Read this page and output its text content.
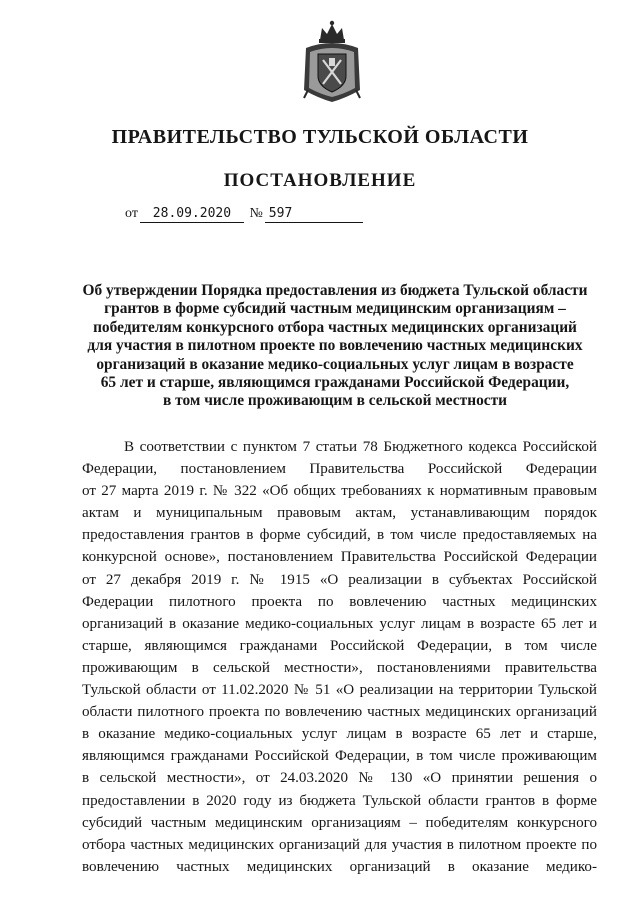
ПРАВИТЕЛЬСТВО ТУЛЬСКОЙ ОБЛАСТИ
ПОСТАНОВЛЕНИЕ
от 28.09.2020 № 597
Об утверждении Порядка предоставления из бюджета Тульской области
грантов в форме субсидий частным медицинским организациям –
победителям конкурсного отбора частных медицинских организаций
для участия в пилотном проекте по вовлечению частных медицинских
организаций в оказание медико-социальных услуг лицам в возрасте
65 лет и старше, являющимся гражданами Российской Федерации,
в том числе проживающим в сельской местности
В соответствии с пунктом 7 статьи 78 Бюджетного кодекса Российской
Федерации, постановлением Правительства Российской Федерации
от 27 марта 2019 г. № 322 «Об общих требованиях к нормативным правовым
актам и муниципальным правовым актам, устанавливающим порядок
предоставления грантов в форме субсидий, в том числе предоставляемых на
конкурсной основе», постановлением Правительства Российской Федерации
от 27 декабря 2019 г. № 1915 «О реализации в субъектах Российской
Федерации пилотного проекта по вовлечению частных медицинских
организаций в оказание медико-социальных услуг лицам в возрасте 65 лет и
старше, являющимся гражданами Российской Федерации, в том числе
проживающим в сельской местности», постановлениями правительства
Тульской области от 11.02.2020 № 51 «О реализации на территории Тульской
области пилотного проекта по вовлечению частных медицинских организаций
в оказание медико-социальных услуг лицам в возрасте 65 лет и старше,
являющимся гражданами Российской Федерации, в том числе проживающим
в сельской местности», от 24.03.2020 № 130 «О принятии решения о
предоставлении в 2020 году из бюджета Тульской области грантов в форме
субсидий частным медицинским организациям – победителям конкурсного
отбора частных медицинских организаций для участия в пилотном проекте по
вовлечению частных медицинских организаций в оказание медико-
